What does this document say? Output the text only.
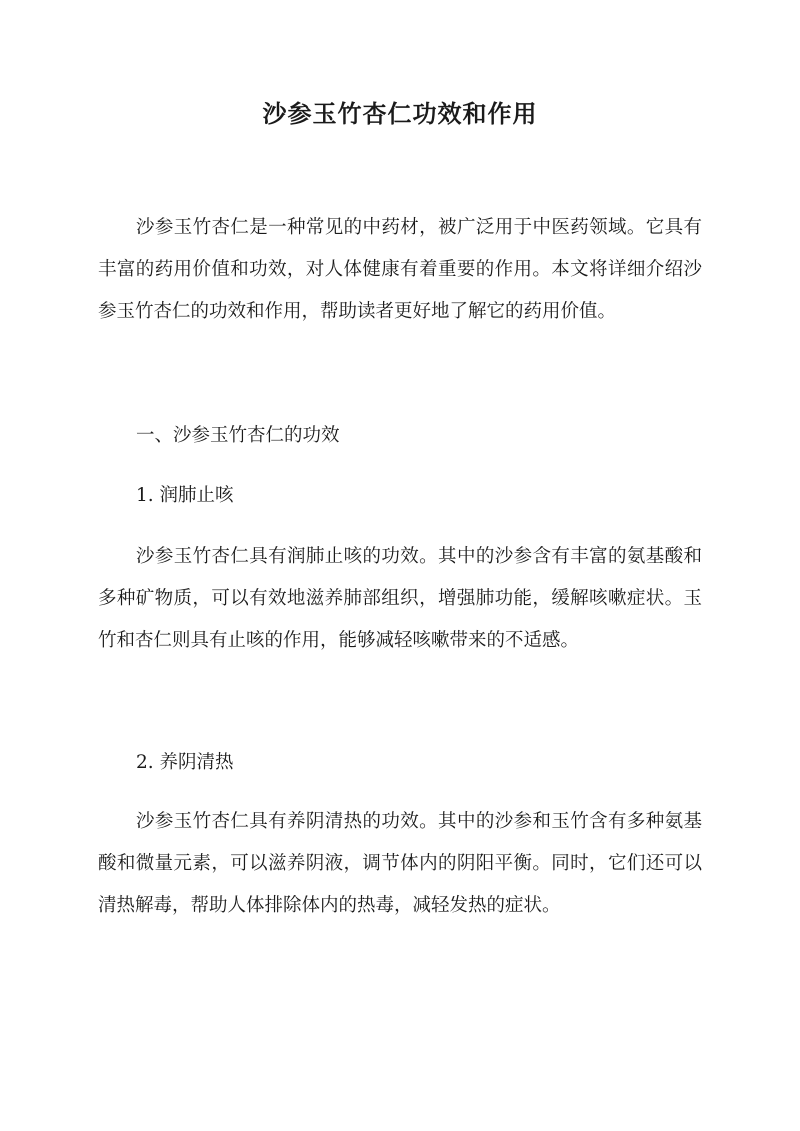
沙参玉竹杏仁功效和作用

沙参玉竹杏仁是一种常见的中药材，被广泛用于中医药领域。它具有丰富的药用价值和功效，对人体健康有着重要的作用。本文将详细介绍沙参玉竹杏仁的功效和作用，帮助读者更好地了解它的药用价值。

一、沙参玉竹杏仁的功效

1. 润肺止咳

沙参玉竹杏仁具有润肺止咳的功效。其中的沙参含有丰富的氨基酸和多种矿物质，可以有效地滋养肺部组织，增强肺功能，缓解咳嗽症状。玉竹和杏仁则具有止咳的作用，能够减轻咳嗽带来的不适感。

2. 养阴清热

沙参玉竹杏仁具有养阴清热的功效。其中的沙参和玉竹含有多种氨基酸和微量元素，可以滋养阴液，调节体内的阴阳平衡。同时，它们还可以清热解毒，帮助人体排除体内的热毒，减轻发热的症状。
